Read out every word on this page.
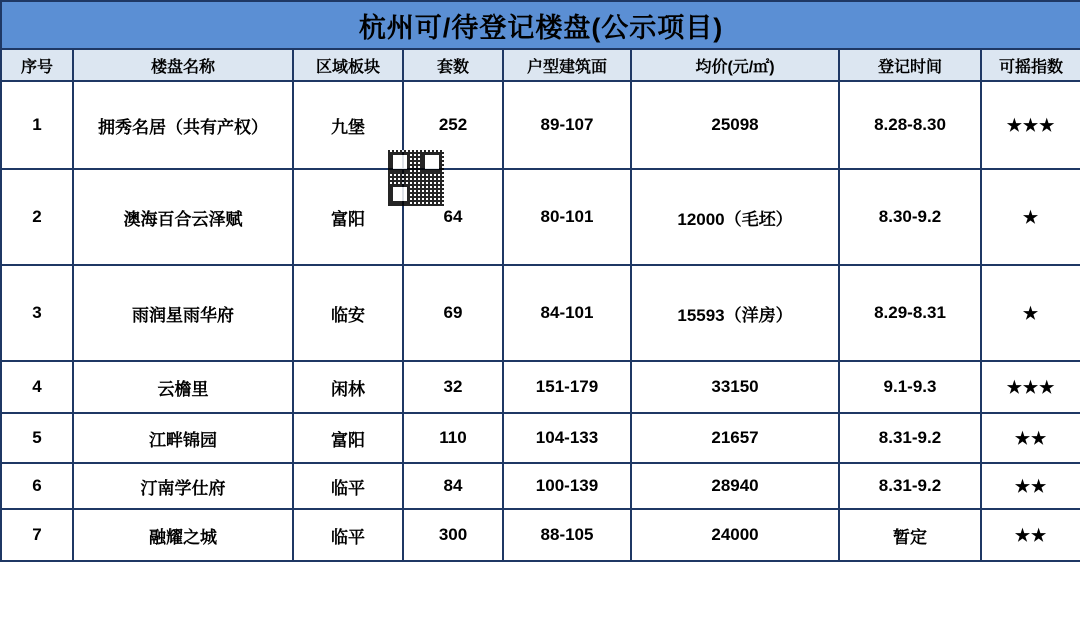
杭州可/待登记楼盘(公示项目)							
序号	楼盘名称	区域板块	套数	户型建筑面	均价(元/㎡)	登记时间	可摇指数
1	拥秀名居（共有产权）	九堡	252	89-107	25098	8.28-8.30	★★★
2	澳海百合云泽赋	富阳	64	80-101	12000（毛坯）	8.30-9.2	★
3	雨润星雨华府	临安	69	84-101	15593（洋房）	8.29-8.31	★
4	云檐里	闲林	32	151-179	33150	9.1-9.3	★★★
5	江畔锦园	富阳	110	104-133	21657	8.31-9.2	★★
6	汀南学仕府	临平	84	100-139	28940	8.31-9.2	★★
7	融耀之城	临平	300	88-105	24000	暂定	★★
